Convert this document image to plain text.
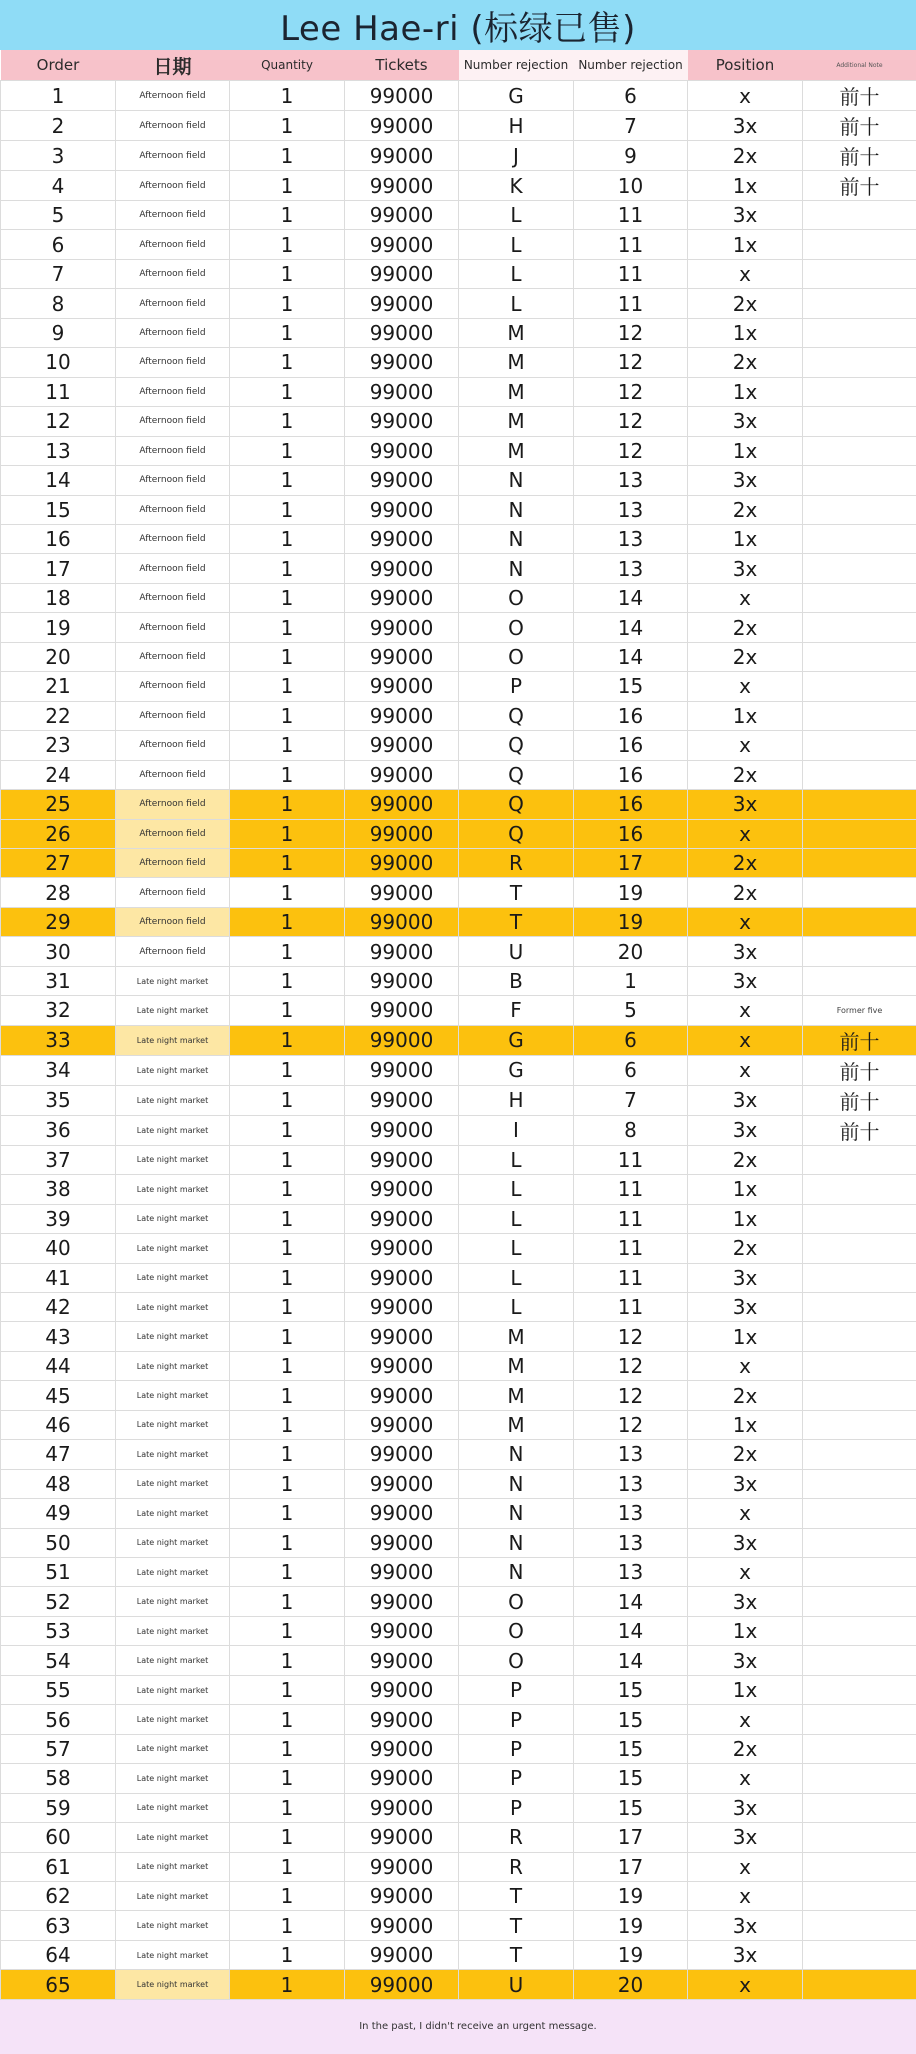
Lee Hae-ri (标绿已售)
Order	日期	Quantity	Tickets	Number rejection	Number rejection	Position	Additional Note
1	Afternoon field	1	99000	G	6	x	前十
2	Afternoon field	1	99000	H	7	3x	前十
3	Afternoon field	1	99000	J	9	2x	前十
4	Afternoon field	1	99000	K	10	1x	前十
5	Afternoon field	1	99000	L	11	3x	
6	Afternoon field	1	99000	L	11	1x	
7	Afternoon field	1	99000	L	11	x	
8	Afternoon field	1	99000	L	11	2x	
9	Afternoon field	1	99000	M	12	1x	
10	Afternoon field	1	99000	M	12	2x	
11	Afternoon field	1	99000	M	12	1x	
12	Afternoon field	1	99000	M	12	3x	
13	Afternoon field	1	99000	M	12	1x	
14	Afternoon field	1	99000	N	13	3x	
15	Afternoon field	1	99000	N	13	2x	
16	Afternoon field	1	99000	N	13	1x	
17	Afternoon field	1	99000	N	13	3x	
18	Afternoon field	1	99000	O	14	x	
19	Afternoon field	1	99000	O	14	2x	
20	Afternoon field	1	99000	O	14	2x	
21	Afternoon field	1	99000	P	15	x	
22	Afternoon field	1	99000	Q	16	1x	
23	Afternoon field	1	99000	Q	16	x	
24	Afternoon field	1	99000	Q	16	2x	
25	Afternoon field	1	99000	Q	16	3x	
26	Afternoon field	1	99000	Q	16	x	
27	Afternoon field	1	99000	R	17	2x	
28	Afternoon field	1	99000	T	19	2x	
29	Afternoon field	1	99000	T	19	x	
30	Afternoon field	1	99000	U	20	3x	
31	Late night market	1	99000	B	1	3x	
32	Late night market	1	99000	F	5	x	Former five
33	Late night market	1	99000	G	6	x	前十
34	Late night market	1	99000	G	6	x	前十
35	Late night market	1	99000	H	7	3x	前十
36	Late night market	1	99000	I	8	3x	前十
37	Late night market	1	99000	L	11	2x	
38	Late night market	1	99000	L	11	1x	
39	Late night market	1	99000	L	11	1x	
40	Late night market	1	99000	L	11	2x	
41	Late night market	1	99000	L	11	3x	
42	Late night market	1	99000	L	11	3x	
43	Late night market	1	99000	M	12	1x	
44	Late night market	1	99000	M	12	x	
45	Late night market	1	99000	M	12	2x	
46	Late night market	1	99000	M	12	1x	
47	Late night market	1	99000	N	13	2x	
48	Late night market	1	99000	N	13	3x	
49	Late night market	1	99000	N	13	x	
50	Late night market	1	99000	N	13	3x	
51	Late night market	1	99000	N	13	x	
52	Late night market	1	99000	O	14	3x	
53	Late night market	1	99000	O	14	1x	
54	Late night market	1	99000	O	14	3x	
55	Late night market	1	99000	P	15	1x	
56	Late night market	1	99000	P	15	x	
57	Late night market	1	99000	P	15	2x	
58	Late night market	1	99000	P	15	x	
59	Late night market	1	99000	P	15	3x	
60	Late night market	1	99000	R	17	3x	
61	Late night market	1	99000	R	17	x	
62	Late night market	1	99000	T	19	x	
63	Late night market	1	99000	T	19	3x	
64	Late night market	1	99000	T	19	3x	
65	Late night market	1	99000	U	20	x	
In the past, I didn't receive an urgent message.
